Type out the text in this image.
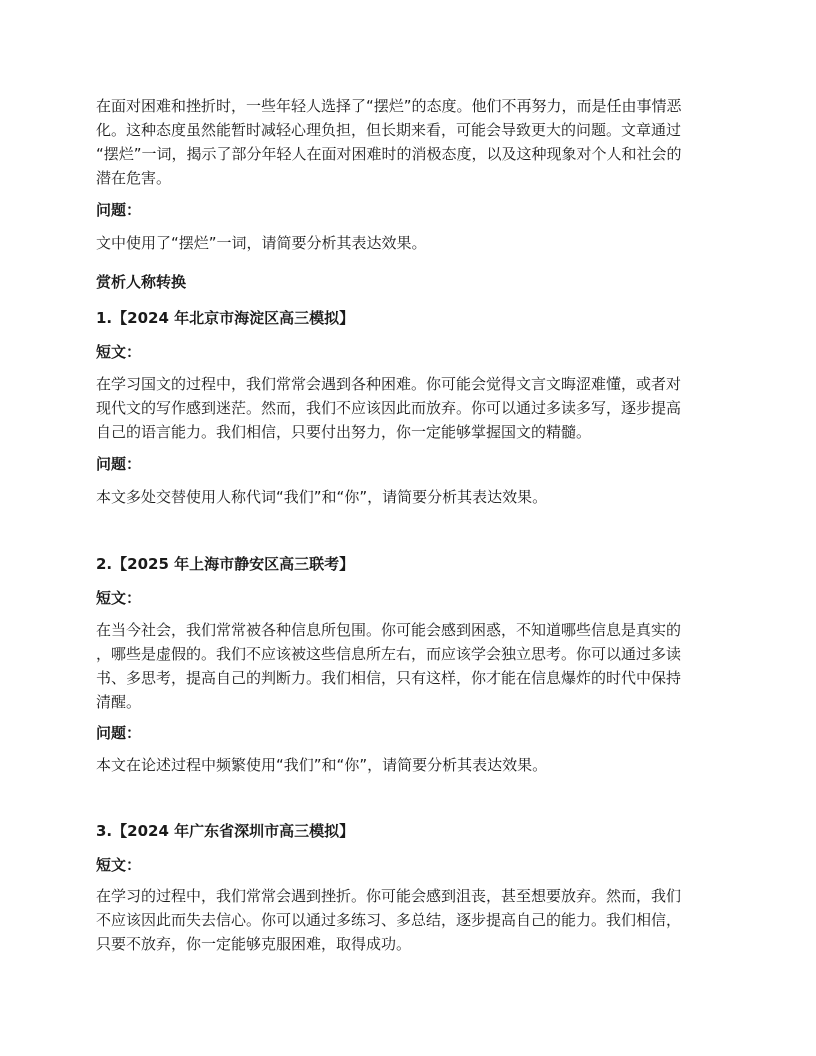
在面对困难和挫折时，一些年轻人选择了“摆烂”的态度。他们不再努力，而是任由事情恶
化。这种态度虽然能暂时减轻心理负担，但长期来看，可能会导致更大的问题。文章通过
“摆烂”一词，揭示了部分年轻人在面对困难时的消极态度，以及这种现象对个人和社会的
潜在危害。

问题：

文中使用了“摆烂”一词，请简要分析其表达效果。

赏析人称转换

1.【2024 年北京市海淀区高三模拟】

短文：

在学习国文的过程中，我们常常会遇到各种困难。你可能会觉得文言文晦涩难懂，或者对
现代文的写作感到迷茫。然而，我们不应该因此而放弃。你可以通过多读多写，逐步提高
自己的语言能力。我们相信，只要付出努力，你一定能够掌握国文的精髓。

问题：

本文多处交替使用人称代词“我们”和“你”，请简要分析其表达效果。

2.【2025 年上海市静安区高三联考】

短文：

在当今社会，我们常常被各种信息所包围。你可能会感到困惑，不知道哪些信息是真实的
，哪些是虚假的。我们不应该被这些信息所左右，而应该学会独立思考。你可以通过多读
书、多思考，提高自己的判断力。我们相信，只有这样，你才能在信息爆炸的时代中保持
清醒。

问题：

本文在论述过程中频繁使用“我们”和“你”，请简要分析其表达效果。

3.【2024 年广东省深圳市高三模拟】

短文：

在学习的过程中，我们常常会遇到挫折。你可能会感到沮丧，甚至想要放弃。然而，我们
不应该因此而失去信心。你可以通过多练习、多总结，逐步提高自己的能力。我们相信，
只要不放弃，你一定能够克服困难，取得成功。
